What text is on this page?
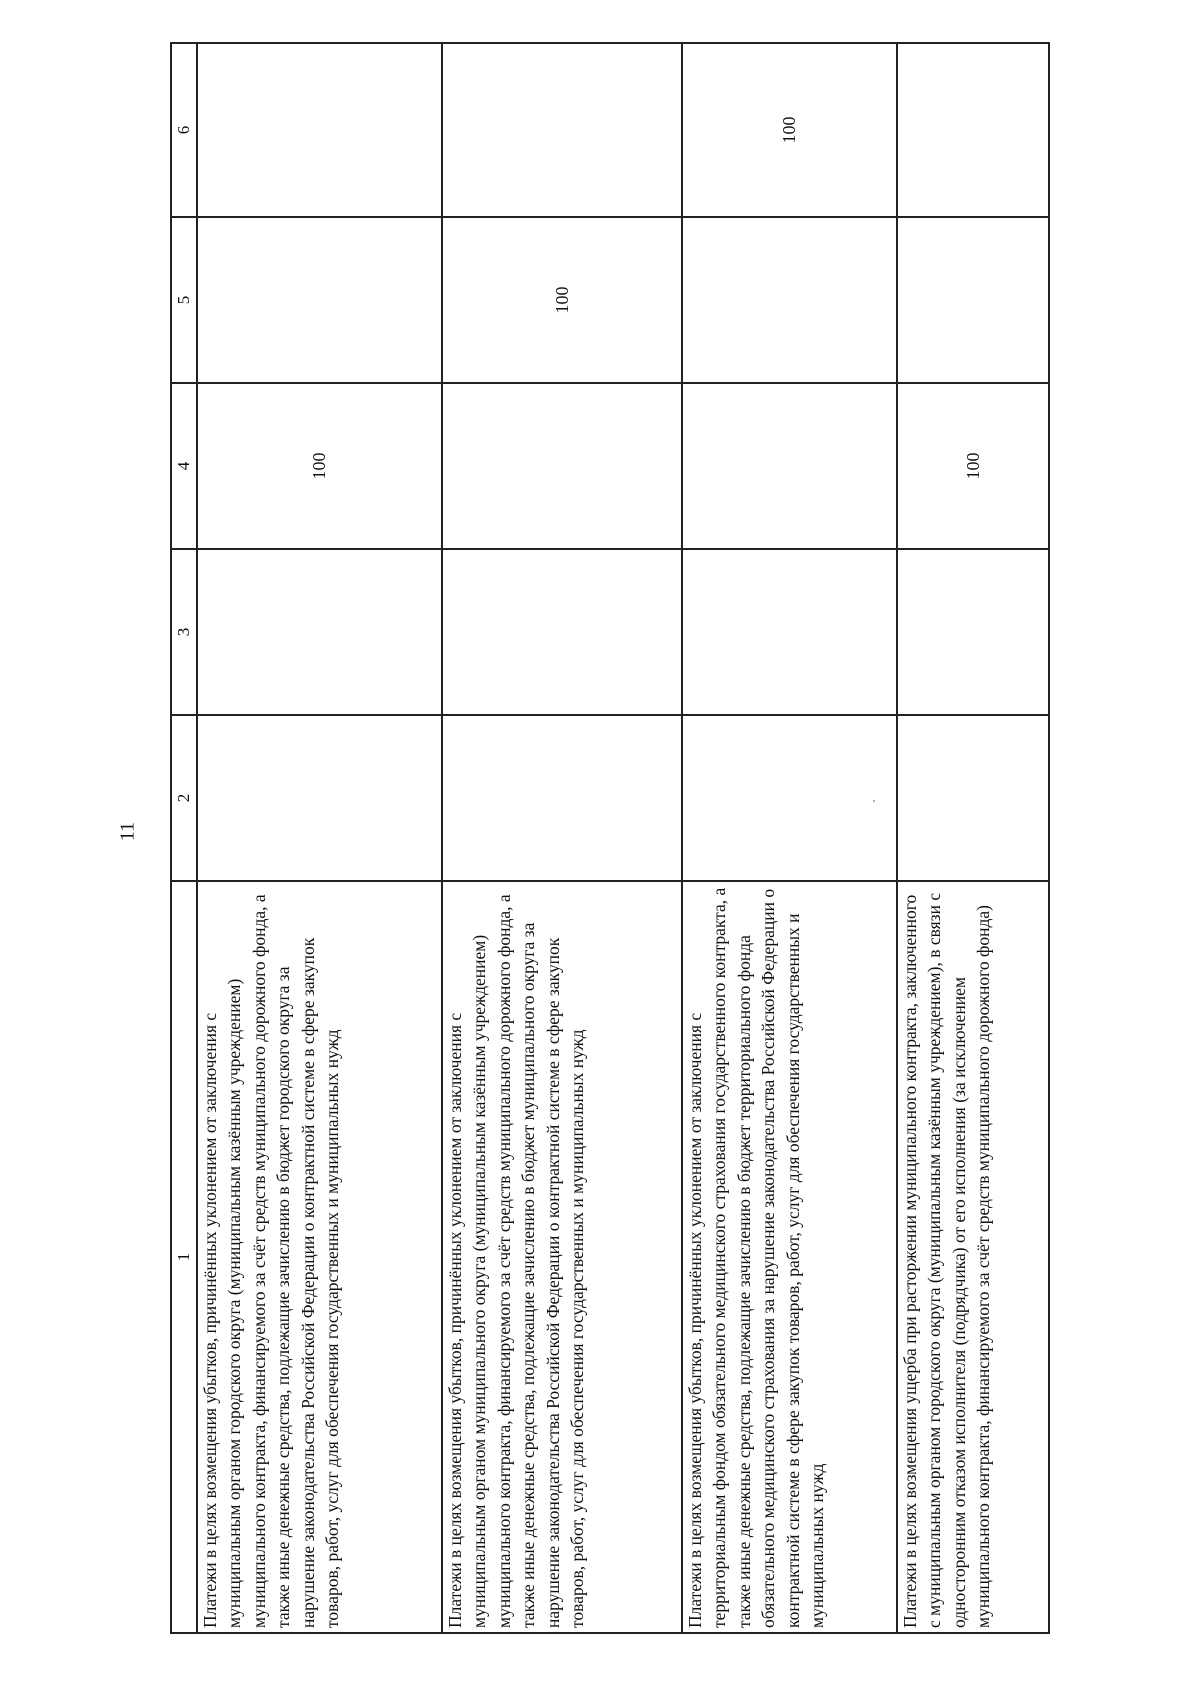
11
1	2	3	4	5	6
Платежи в целях возмещения убытков, причинённых уклонением от заключения с муниципальным органом городского округа (муниципальным казённым учреждением) муниципального контракта, финансируемого за счёт средств муниципального дорожного фонда, а также иные денежные средства, подлежащие зачислению в бюджет городского округа за нарушение законодательства Российской Федерации о контрактной системе в сфере закупок товаров, работ, услуг для обеспечения государственных и муниципальных нужд			100		
Платежи в целях возмещения убытков, причинённых уклонением от заключения с муниципальным органом муниципального округа (муниципальным казённым учреждением) муниципального контракта, финансируемого за счёт средств муниципального дорожного фонда, а также иные денежные средства, подлежащие зачислению в бюджет муниципального округа за нарушение законодательства Российской Федерации о контрактной системе в сфере закупок товаров, работ, услуг для обеспечения государственных и муниципальных нужд				100	
Платежи в целях возмещения убытков, причинённых уклонением от заключения с территориальным фондом обязательного медицинского страхования государственного контракта, а также иные денежные средства, подлежащие зачислению в бюджет территориального фонда обязательного медицинского страхования за нарушение законодательства Российской Федерации о контрактной системе в сфере закупок товаров, работ, услуг для обеспечения государственных и муниципальных нужд					100
Платежи в целях возмещения ущерба при расторжении муниципального контракта, заключенного с муниципальным органом городского округа (муниципальным казённым учреждением), в связи с односторонним отказом исполнителя (подрядчика) от его исполнения (за исключением муниципального контракта, финансируемого за счёт средств муниципального дорожного фонда)			100		
